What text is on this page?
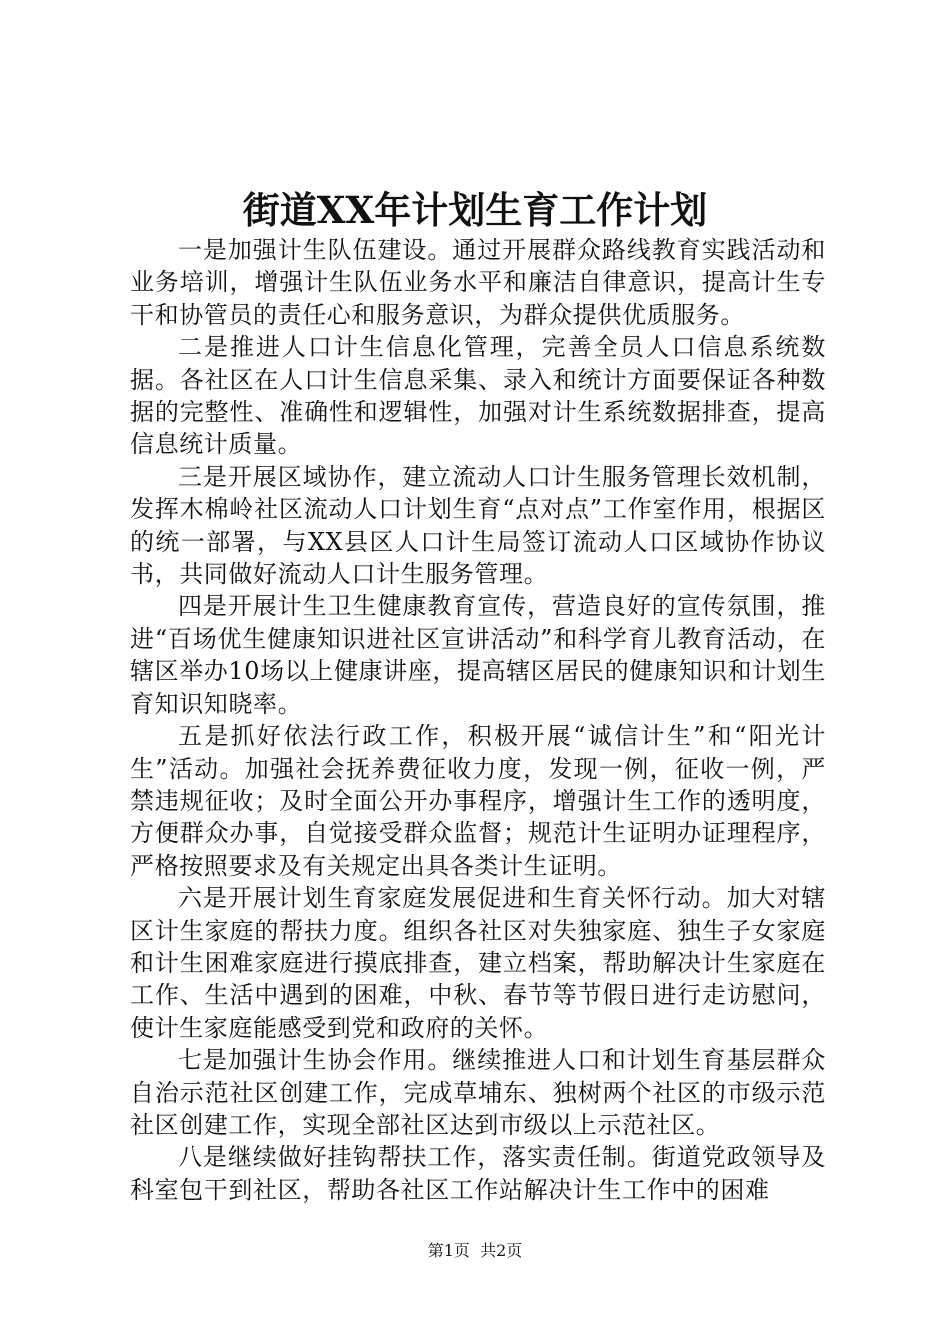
街道XX年计划生育工作计划

一是加强计生队伍建设。通过开展群众路线教育实践活动和业务培训，增强计生队伍业务水平和廉洁自律意识，提高计生专干和协管员的责任心和服务意识，为群众提供优质服务。

二是推进人口计生信息化管理，完善全员人口信息系统数据。各社区在人口计生信息采集、录入和统计方面要保证各种数据的完整性、准确性和逻辑性，加强对计生系统数据排查，提高信息统计质量。

三是开展区域协作，建立流动人口计生服务管理长效机制，发挥木棉岭社区流动人口计划生育“点对点”工作室作用，根据区的统一部署，与XX县区人口计生局签订流动人口区域协作协议书，共同做好流动人口计生服务管理。

四是开展计生卫生健康教育宣传，营造良好的宣传氛围，推进“百场优生健康知识进社区宣讲活动”和科学育儿教育活动，在辖区举办10场以上健康讲座，提高辖区居民的健康知识和计划生育知识知晓率。

五是抓好依法行政工作，积极开展“诚信计生”和“阳光计生”活动。加强社会抚养费征收力度，发现一例，征收一例，严禁违规征收；及时全面公开办事程序，增强计生工作的透明度，方便群众办事，自觉接受群众监督；规范计生证明办证理程序，严格按照要求及有关规定出具各类计生证明。

六是开展计划生育家庭发展促进和生育关怀行动。加大对辖区计生家庭的帮扶力度。组织各社区对失独家庭、独生子女家庭和计生困难家庭进行摸底排查，建立档案，帮助解决计生家庭在工作、生活中遇到的困难，中秋、春节等节假日进行走访慰问，使计生家庭能感受到党和政府的关怀。

七是加强计生协会作用。继续推进人口和计划生育基层群众自治示范社区创建工作，完成草埔东、独树两个社区的市级示范社区创建工作，实现全部社区达到市级以上示范社区。

八是继续做好挂钩帮扶工作，落实责任制。街道党政领导及科室包干到社区，帮助各社区工作站解决计生工作中的困难

第1页  共2页
